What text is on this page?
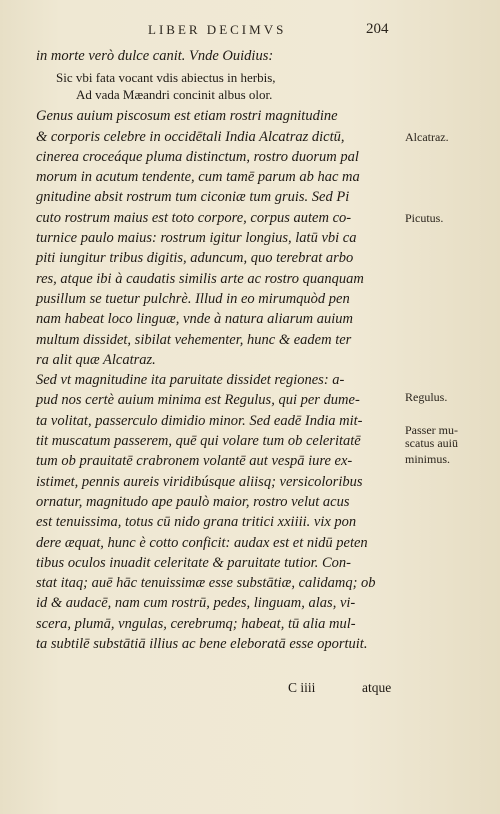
LIBER DECIMVS	204
in morte verò dulce canit. Vnde Ouidius:
Sic vbi fata vocant vdis abiectus in herbis,
Ad vada Mæandri concinit albus olor.
Genus auium piscosum est etiam rostri magnitudine
& corporis celebre in occidētali India Alcatraz dictū,
cinerea croceáque pluma distinctum, rostro duorum pal
morum in acutum tendente, cum tamē parum ab hac ma
gnitudine absit rostrum tum ciconiæ tum gruis. Sed Pi
cuto rostrum maius est toto corpore, corpus autem co-
turnice paulo maius: rostrum igitur longius, latū vbi ca
piti iungitur tribus digitis, aduncum, quo terebrat arbo
res, atque ibi à caudatis similis arte ac rostro quanquam
pusillum se tuetur pulchrè. Illud in eo mirumquòd pen
nam habeat loco linguæ, vnde à natura aliarum auium
multum dissidet, sibilat vehementer, hunc & eadem ter
ra alit quæ Alcatraz.
Sed vt magnitudine ita paruitate dissidet regiones: a-
pud nos certè auium minima est Regulus, qui per dume-
ta volitat, passerculo dimidio minor. Sed eadē India mit-
tit muscatum passerem, quē qui volare tum ob celeritatē
tum ob prauitatē crabronem volantē aut vespā iure ex-
istimet, pennis aureis viridibúsque aliisq; versicoloribus
ornatur, magnitudo ape paulò maior, rostro velut acus
est tenuissima, totus cū nido grana tritici xxiiii. vix pon
dere æquat, hunc è cotto conficit: audax est et nidū peten
tibus oculos inuadit celeritate & paruitate tutior. Con-
stat itaq; auē hāc tenuissimæ esse substātiæ, calidamq; ob
id & audacē, nam cum rostrū, pedes, linguam, alas, vi-
scera, plumā, vngulas, cerebrumq; habeat, tū alia mul-
ta subtilē substātiā illius ac bene eleboratā esse oportuit.
Alcatraz.
Picutus.
Regulus.
Passer mu-
scatus auiū
minimus.
C iiii	atque
